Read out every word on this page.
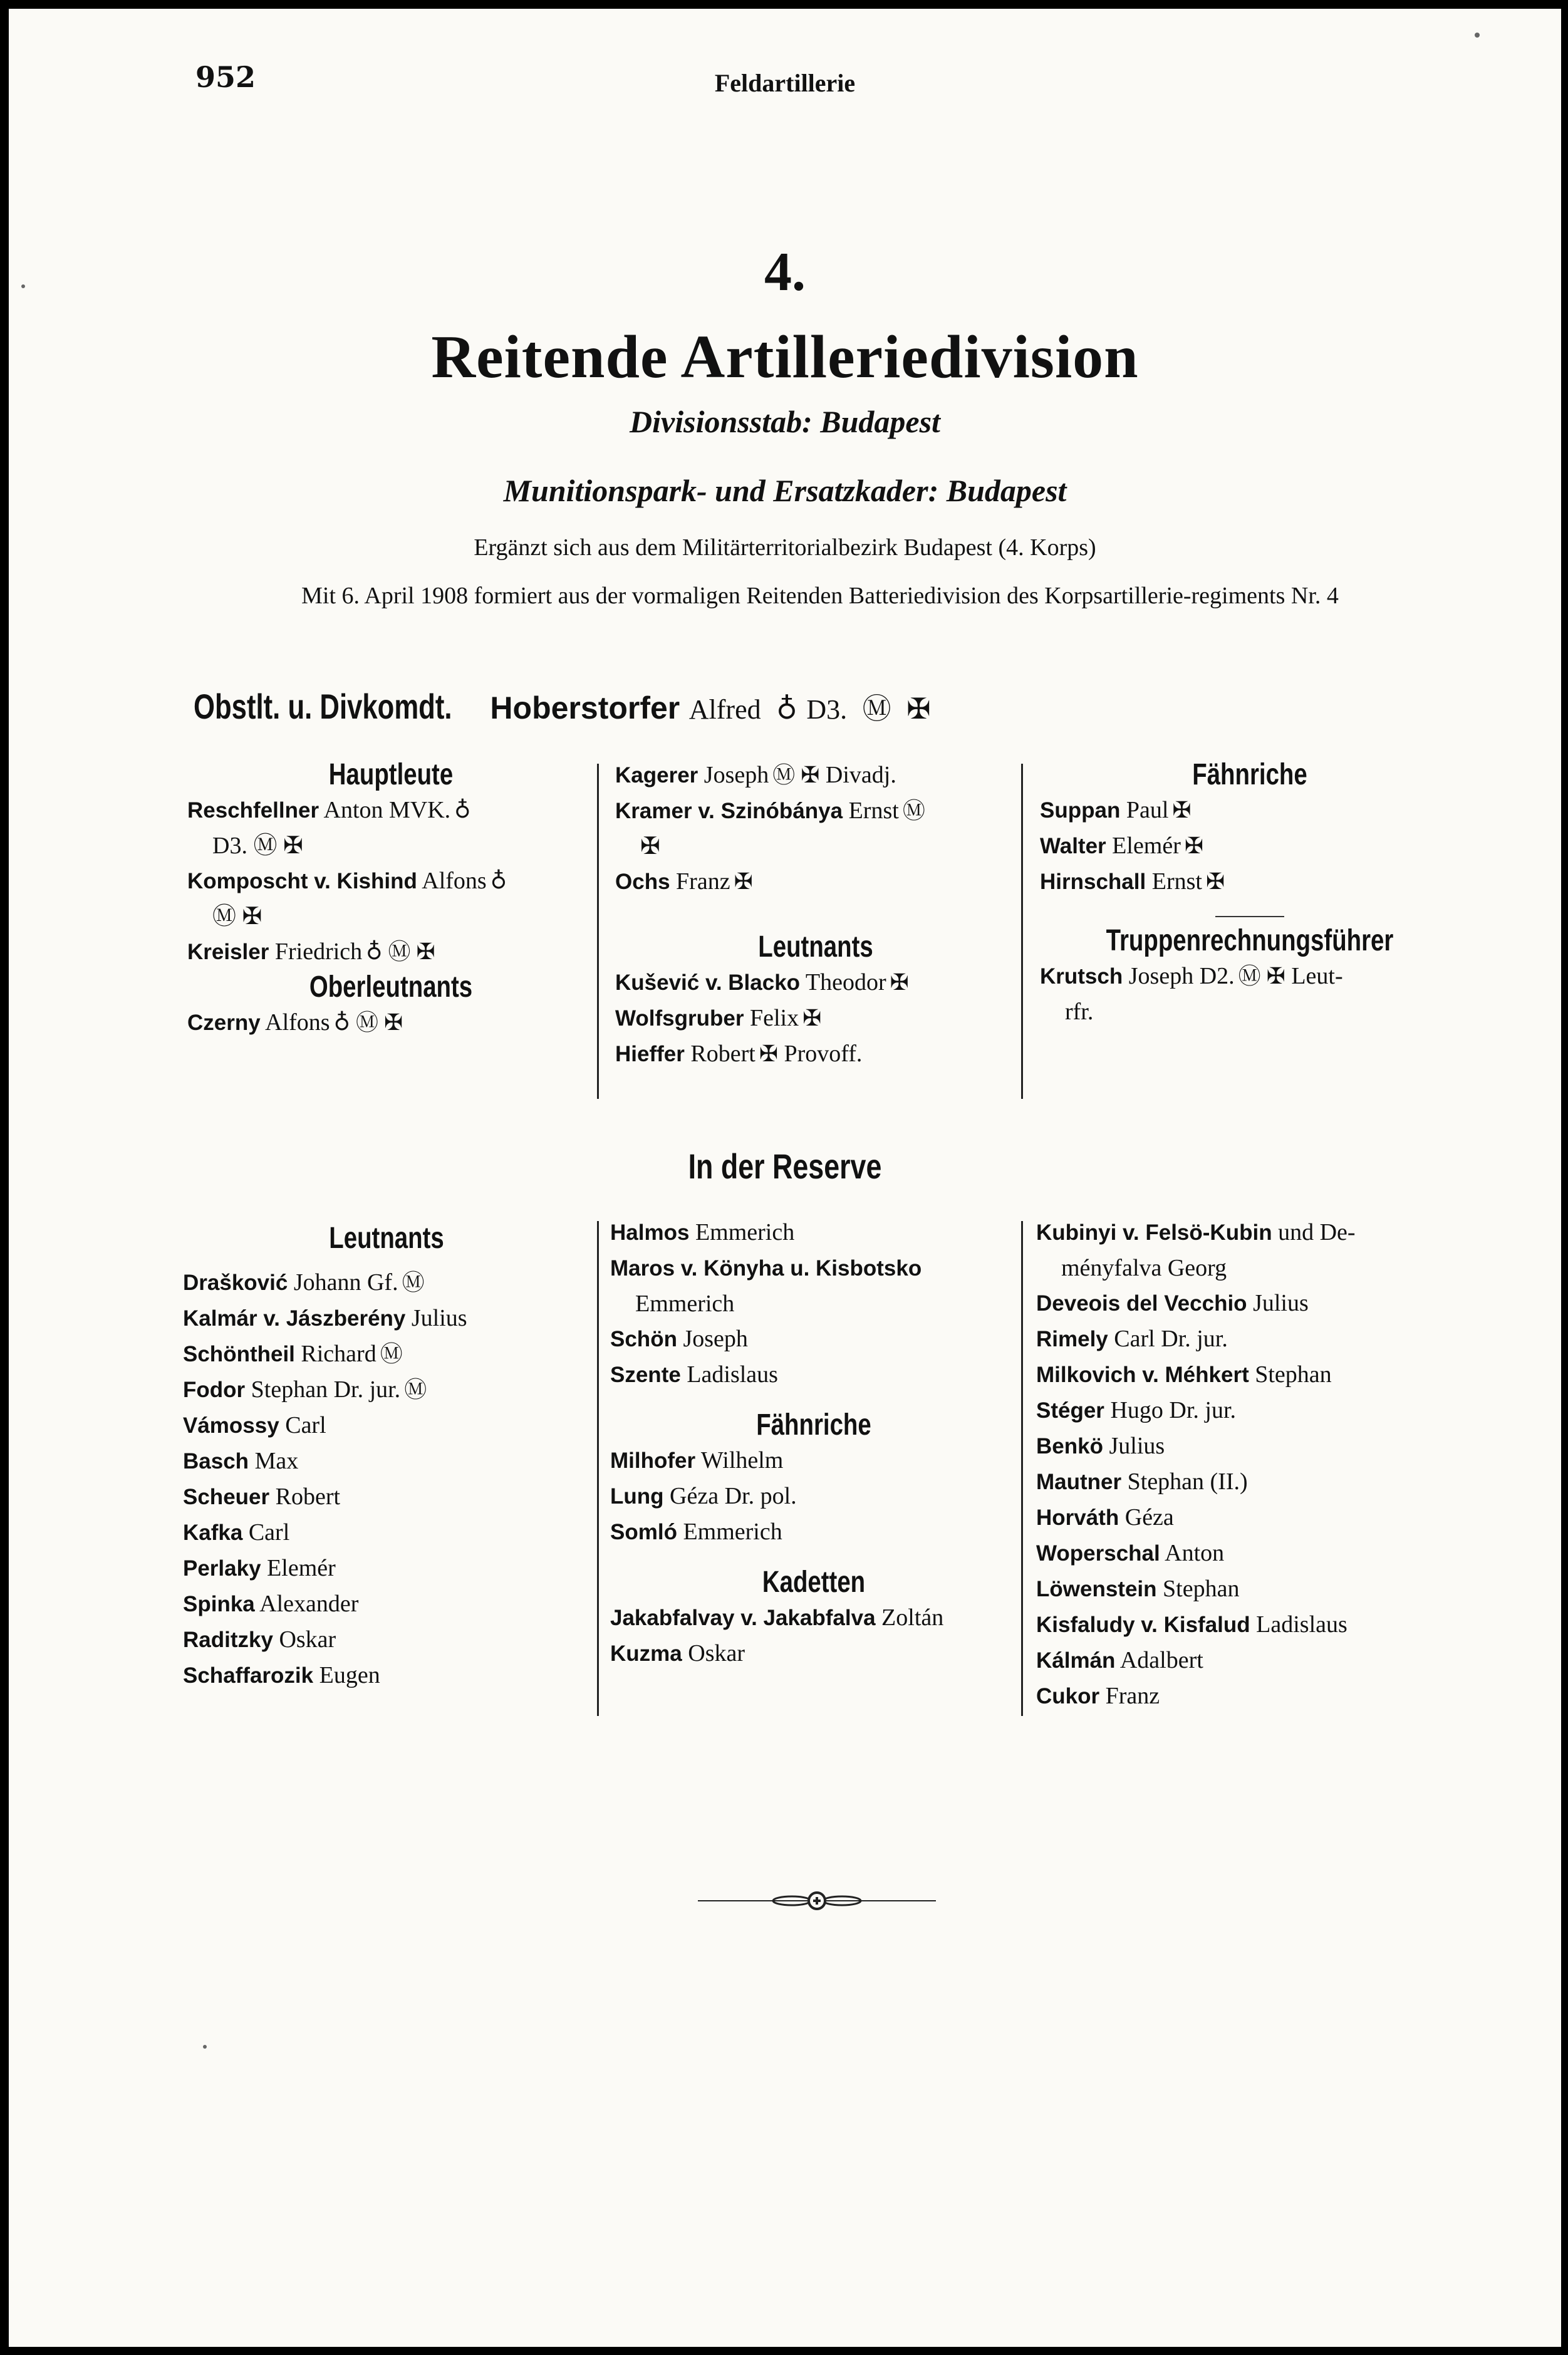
952	Feldartillerie
4.
Reitende Artilleriedivision
Divisionsstab: Budapest
Munitionspark- und Ersatzkader: Budapest
Ergänzt sich aus dem Militärterritorialbezirk Budapest (4. Korps)
Mit 6. April 1908 formiert aus der vormaligen Reitenden Batteriedivision des Korpsartillerie-regiments Nr. 4
Obstlt. u. Divkomdt. Hoberstorfer Alfred ♁ D3. Ⓜ ✠
Hauptleute
Reschfellner Anton MVK. ♁
D3. Ⓜ ✠
Komposcht v. Kishind Alfons ♁
Ⓜ ✠
Kreisler Friedrich ♁ Ⓜ ✠
Oberleutnants
Czerny Alfons ♁ Ⓜ ✠
Kagerer Joseph Ⓜ ✠ Divadj.
Kramer v. Szinóbánya Ernst Ⓜ
✠
Ochs Franz ✠
Leutnants
Kušević v. Blacko Theodor ✠
Wolfsgruber Felix ✠
Hieffer Robert ✠ Provoff.
Fähnriche
Suppan Paul ✠
Walter Elemér ✠
Hirnschall Ernst ✠
Truppenrechnungsführer
Krutsch Joseph D2. Ⓜ ✠ Leut-
rfr.
In der Reserve
Leutnants
Drašković Johann Gf. Ⓜ
Kalmár v. Jászberény Julius
Schöntheil Richard Ⓜ
Fodor Stephan Dr. jur. Ⓜ
Vámossy Carl
Basch Max
Scheuer Robert
Kafka Carl
Perlaky Elemér
Spinka Alexander
Raditzky Oskar
Schaffarozik Eugen
Halmos Emmerich
Maros v. Könyha u. Kisbotsko
Emmerich
Schön Joseph
Szente Ladislaus
Fähnriche
Milhofer Wilhelm
Lung Géza Dr. pol.
Somló Emmerich
Kadetten
Jakabfalvay v. Jakabfalva Zoltán
Kuzma Oskar
Kubinyi v. Felsö-Kubin und De-
ményfalva Georg
Deveois del Vecchio Julius
Rimely Carl Dr. jur.
Milkovich v. Méhkert Stephan
Stéger Hugo Dr. jur.
Benkö Julius
Mautner Stephan (II.)
Horváth Géza
Woperschal Anton
Löwenstein Stephan
Kisfaludy v. Kisfalud Ladislaus
Kálmán Adalbert
Cukor Franz
